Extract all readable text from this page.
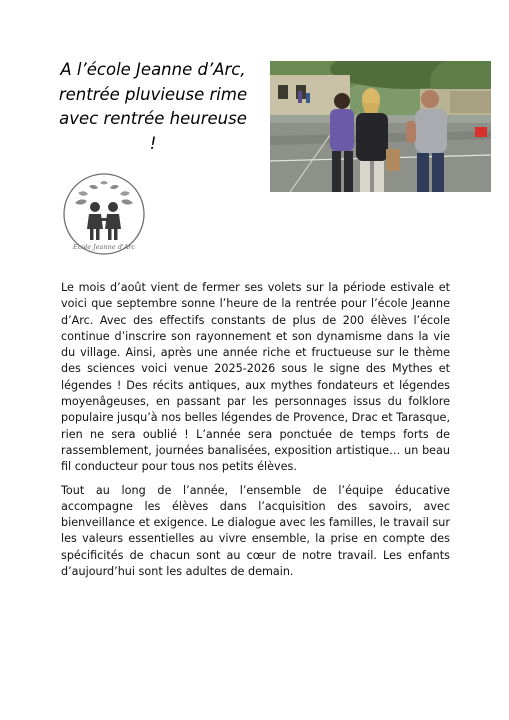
A l’école Jeanne d’Arc, rentrée pluvieuse rime avec rentrée heureuse !
Ecole Jeanne d'Arc

Le mois d’août vient de fermer ses volets sur la période estivale et voici que septembre sonne l’heure de la rentrée pour l’école Jeanne d’Arc. Avec des effectifs constants de plus de 200 élèves l’école continue d’inscrire son rayonnement et son dynamisme dans la vie du village. Ainsi, après une année riche et fructueuse sur le thème des sciences voici venue 2025-2026 sous le signe des Mythes et légendes ! Des récits antiques, aux mythes fondateurs et légendes moyenâgeuses, en passant par les personnages issus du folklore populaire jusqu’à nos belles légendes de Provence, Drac et Tarasque, rien ne sera oublié ! L’année sera ponctuée de temps forts de rassemblement, journées banalisées, exposition artistique… un beau fil conducteur pour tous nos petits élèves.

Tout au long de l’année, l’ensemble de l’équipe éducative accompagne les élèves dans l’acquisition des savoirs, avec bienveillance et exigence. Le dialogue avec les familles, le travail sur les valeurs essentielles au vivre ensemble, la prise en compte des spécificités de chacun sont au cœur de notre travail. Les enfants d’aujourd’hui sont les adultes de demain.
